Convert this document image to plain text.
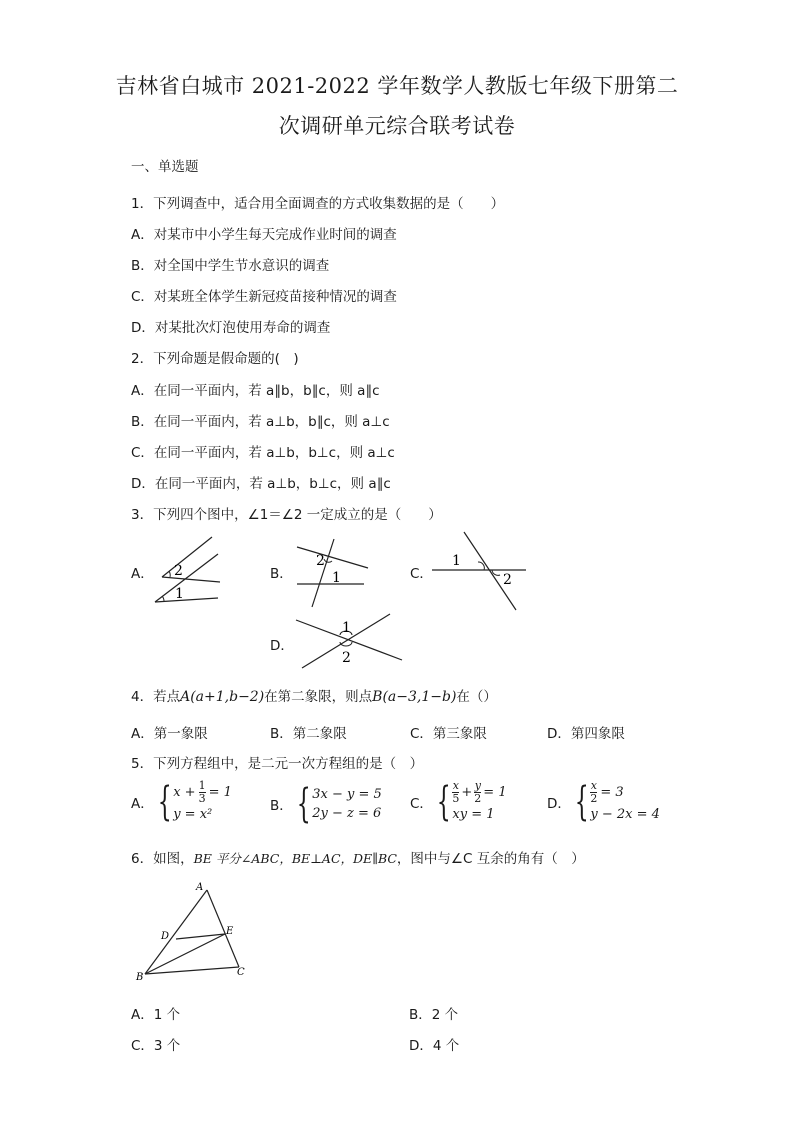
吉林省白城市 2021-2022 学年数学人教版七年级下册第二
次调研单元综合联考试卷
一、单选题
1．下列调查中，适合用全面调查的方式收集数据的是（　　）
A．对某市中小学生每天完成作业时间的调查
B．对全国中学生节水意识的调查
C．对某班全体学生新冠疫苗接种情况的调查
D．对某批次灯泡使用寿命的调查
2．下列命题是假命题的(　)
A．在同一平面内，若 a∥b，b∥c，则 a∥c
B．在同一平面内，若 a⊥b，b∥c，则 a⊥c
C．在同一平面内，若 a⊥b，b⊥c，则 a⊥c
D．在同一平面内，若 a⊥b，b⊥c，则 a∥c
3．下列四个图中，∠1＝∠2 一定成立的是（　　）
A． 2
1
B．
2
1	C．
1
2
D．
1
2
4．若点A(a+1,b−2)在第二象限，则点B(a−3,1−b)在（）
A．第一象限	B．第二象限	C．第三象限	D．第四象限
5．下列方程组中，是二元一次方程组的是（　）
A． { $x + \frac{1}{3} = 1$
y = x²
B． { 3x − y = 5
2y − z = 6
C． { x
$5 + \frac{y}{2} = 1$
xy = 1
D． { $\frac{x}{2} = 3$
y − 2x = 4
6．如图，BE 平分∠ABC，BE⊥AC，DE∥BC，图中与∠C 互余的角有（　）
A
D	E
B	C
A．1 个	B．2 个
C．3 个	D．4 个
